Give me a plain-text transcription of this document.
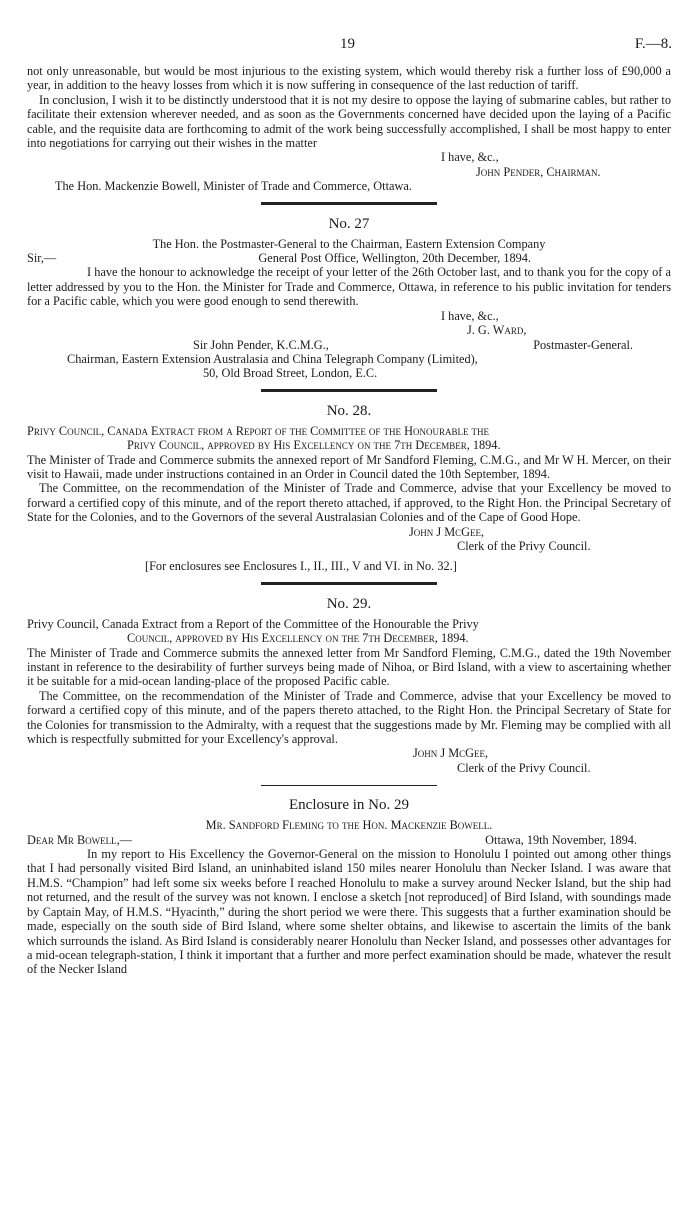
19	F.—8.

not only unreasonable, but would be most injurious to the existing system, which would thereby risk a further loss of £90,000 a year, in addition to the heavy losses from which it is now suffering in consequence of the last reduction of tariff.

In conclusion, I wish it to be distinctly understood that it is not my desire to oppose the laying of submarine cables, but rather to facilitate their extension wherever needed, and as soon as the Governments concerned have decided upon the laying of a Pacific cable, and the requisite data are forthcoming to admit of the work being successfully accomplished, I shall be most happy to enter into negotiations for carrying out their wishes in the matter

I have, &c.,

John Pender, Chairman.

The Hon. Mackenzie Bowell, Minister of Trade and Commerce, Ottawa.

No. 27

The Hon. the Postmaster-General to the Chairman, Eastern Extension Company

Sir,—	General Post Office, Wellington, 20th December, 1894.

I have the honour to acknowledge the receipt of your letter of the 26th October last, and to thank you for the copy of a letter addressed by you to the Hon. the Minister for Trade and Commerce, Ottawa, in reference to his public invitation for tenders for a Pacific cable, which you were good enough to send therewith.

I have, &c.,

J. G. Ward,

Sir John Pender, K.C.M.G.,	Postmaster-General.

Chairman, Eastern Extension Australasia and China Telegraph Company (Limited),

50, Old Broad Street, London, E.C.

No. 28.

Privy Council, Canada Extract from a Report of the Committee of the Honourable the

Privy Council, approved by His Excellency on the 7th December, 1894.

The Minister of Trade and Commerce submits the annexed report of Mr Sandford Fleming, C.M.G., and Mr W H. Mercer, on their visit to Hawaii, made under instructions contained in an Order in Council dated the 10th September, 1894.

The Committee, on the recommendation of the Minister of Trade and Commerce, advise that your Excellency be moved to forward a certified copy of this minute, and of the report thereto attached, if approved, to the Right Hon. the Principal Secretary of State for the Colonies, and to the Governors of the several Australasian Colonies and of the Cape of Good Hope.

John J McGee,

Clerk of the Privy Council.

[For enclosures see Enclosures I., II., III., V and VI. in No. 32.]

No. 29.

Privy Council, Canada Extract from a Report of the Committee of the Honourable the Privy

Council, approved by His Excellency on the 7th December, 1894.

The Minister of Trade and Commerce submits the annexed letter from Mr Sandford Fleming, C.M.G., dated the 19th November instant in reference to the desirability of further surveys being made of Nihoa, or Bird Island, with a view to ascertaining whether it be suitable for a mid-ocean landing-place of the proposed Pacific cable.

The Committee, on the recommendation of the Minister of Trade and Commerce, advise that your Excellency be moved to forward a certified copy of this minute, and of the papers thereto attached, to the Right Hon. the Principal Secretary of State for the Colonies for transmission to the Admiralty, with a request that the suggestions made by Mr. Fleming may be complied with all which is respectfully submitted for your Excellency's approval.

John J McGee,

Clerk of the Privy Council.

Enclosure in No. 29

Mr. Sandford Fleming to the Hon. Mackenzie Bowell.

Dear Mr Bowell,—	Ottawa, 19th November, 1894.

In my report to His Excellency the Governor-General on the mission to Honolulu I pointed out among other things that I had personally visited Bird Island, an uninhabited island 150 miles nearer Honolulu than Necker Island. I was aware that H.M.S. “Champion” had left some six weeks before I reached Honolulu to make a survey around Necker Island, but the ship had not returned, and the result of the survey was not known. I enclose a sketch [not reproduced] of Bird Island, with soundings made by Captain May, of H.M.S. “Hyacinth,” during the short period we were there. This suggests that a further examination should be made, especially on the south side of Bird Island, where some shelter obtains, and likewise to ascertain the limits of the bank which surrounds the island. As Bird Island is considerably nearer Honolulu than Necker Island, and possesses other advantages for a mid-ocean telegraph-station, I think it important that a further and more perfect examination should be made, whatever the result of the Necker Island
